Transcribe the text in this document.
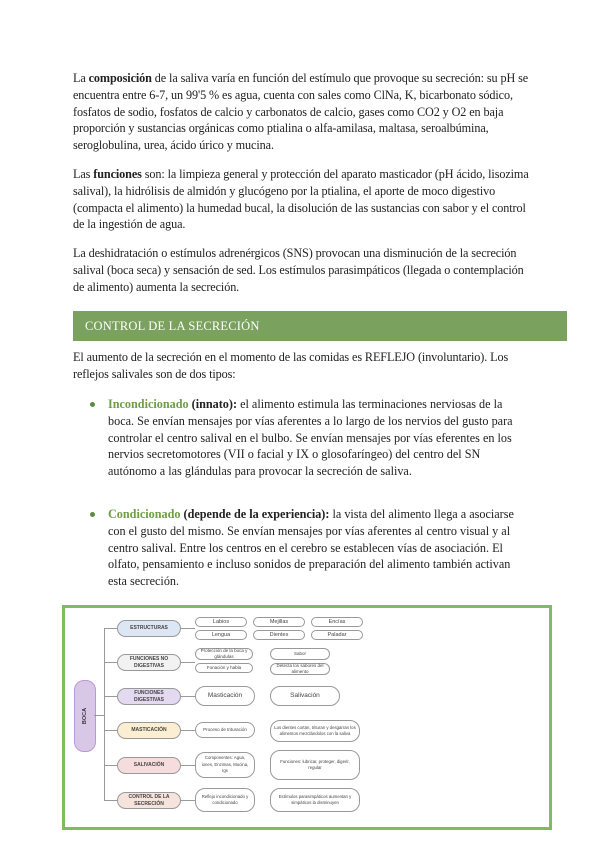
La composición de la saliva varía en función del estímulo que provoque su secreción: su pH se encuentra entre 6-7, un 99'5 % es agua, cuenta con sales como ClNa, K, bicarbonato sódico, fosfatos de sodio, fosfatos de calcio y carbonatos de calcio, gases como CO2 y O2 en baja proporción y sustancias orgánicas como ptialina o alfa-amilasa, maltasa, seroalbúmina, seroglobulina, urea, ácido úrico y mucina.

Las funciones son: la limpieza general y protección del aparato masticador (pH ácido, lisozima salival), la hidrólisis de almidón y glucógeno por la ptialina, el aporte de moco digestivo (compacta el alimento) la humedad bucal, la disolución de las sustancias con sabor y el control de la ingestión de agua.

La deshidratación o estímulos adrenérgicos (SNS) provocan una disminución de la secreción salival (boca seca) y sensación de sed. Los estímulos parasimpáticos (llegada o contemplación de alimento) aumenta la secreción.

CONTROL DE LA SECRECIÓN

El aumento de la secreción en el momento de las comidas es REFLEJO (involuntario). Los reflejos salivales son de dos tipos:

Incondicionado (innato): el alimento estimula las terminaciones nerviosas de la boca. Se envían mensajes por vías aferentes a lo largo de los nervios del gusto para controlar el centro salival en el bulbo. Se envían mensajes por vías eferentes en los nervios secretomotores (VII o facial y IX o glosofaríngeo) del centro del SN autónomo a las glándulas para provocar la secreción de saliva.
Condicionado (depende de la experiencia): la vista del alimento llega a asociarse con el gusto del mismo. Se envían mensajes por vías aferentes al centro visual y al centro salival. Entre los centros en el cerebro se establecen vías de asociación. El olfato, pensamiento e incluso sonidos de preparación del alimento también activan esta secreción.
BOCA
ESTRUCTURAS
FUNCIONES NO DIGESTIVAS
FUNCIONES DIGESTIVAS
MASTICACIÓN
SALIVACIÓN
CONTROL DE LA SECRECIÓN
Labios	Mejillas	Encías
Lengua	Dientes	Paladar
Protección de la boca y glándulas
Fonación y habla
Sabor
Detecta los sabores del alimento
Masticación	Salivación
Proceso de trituración	Los dientes cortan, trituran y desgarran los alimentos mezclándolos con la saliva
Componentes: Agua, iones, Enzimas, Mucina, Igs
Funciones: lubricar, proteger, digerir, regular
Reflejo incondicionado y condicionado
Estímulos parasimpáticos aumentan y simpáticos la disminuyen
